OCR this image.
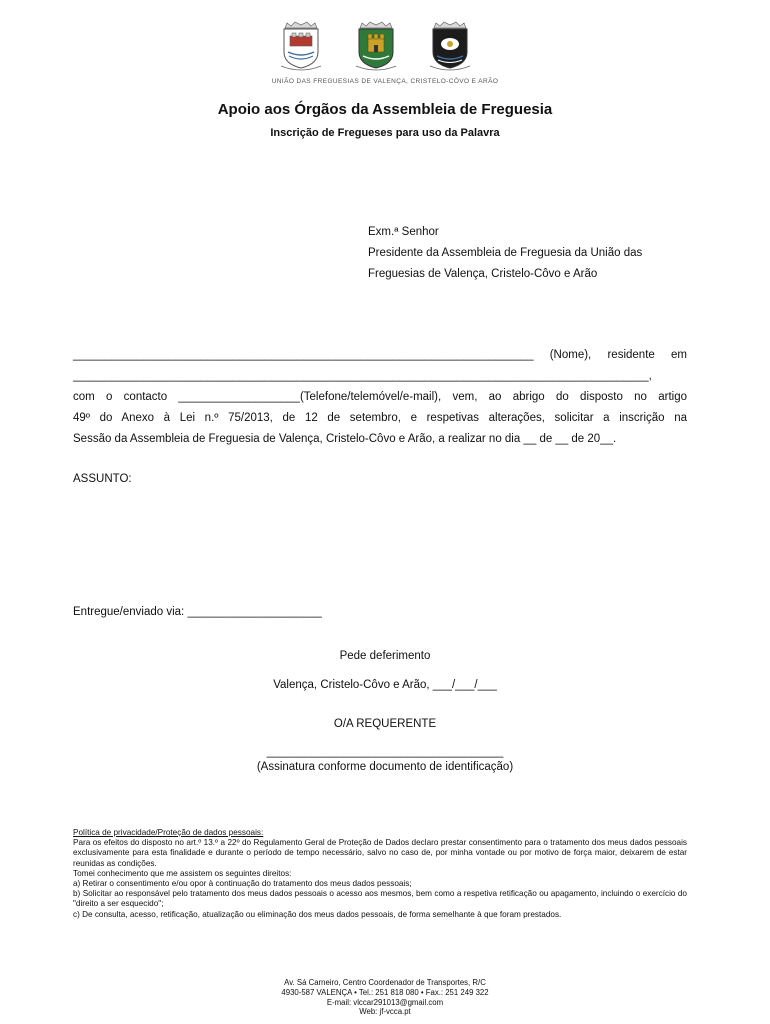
UNIÃO DAS FREGUESIAS DE VALENÇA, CRISTELO-CÔVO E ARÃO
Apoio aos Órgãos da Assembleia de Freguesia
Inscrição de Fregueses para uso da Palavra
Exm.ª Senhor
Presidente da Assembleia de Freguesia da União das
Freguesias de Valença, Cristelo-Côvo e Arão
________________________________________________________________________ (Nome), residente em
__________________________________________________________________________________________,
com o contacto ___________________(Telefone/telemóvel/e-mail), vem, ao abrigo do disposto no artigo
49º do Anexo à Lei n.º 75/2013, de 12 de setembro, e respetivas alterações, solicitar a inscrição na
Sessão da Assembleia de Freguesia de Valença, Cristelo-Côvo e Arão, a realizar no dia __ de __ de 20__.
ASSUNTO:
Entregue/enviado via: _____________________
Pede deferimento
Valença, Cristelo-Côvo e Arão, ___/___/___
O/A REQUERENTE
_____________________________________
(Assinatura conforme documento de identificação)

Política de privacidade/Proteção de dados pessoais:

Para os efeitos do disposto no art.º 13.º a 22º do Regulamento Geral de Proteção de Dados declaro prestar consentimento para o tratamento dos meus dados pessoais exclusivamente para esta finalidade e durante o período de tempo necessário, salvo no caso de, por minha vontade ou por motivo de força maior, deixarem de estar reunidas as condições.

Tomei conhecimento que me assistem os seguintes direitos:

a) Retirar o consentimento e/ou opor à continuação do tratamento dos meus dados pessoais;

b) Solicitar ao responsável pelo tratamento dos meus dados pessoais o acesso aos mesmos, bem como a respetiva retificação ou apagamento, incluindo o exercício do "direito a ser esquecido";

c) De consulta, acesso, retificação, atualização ou eliminação dos meus dados pessoais, de forma semelhante à que foram prestados.

Av. Sá Carneiro, Centro Coordenador de Transportes, R/C
4930-587 VALENÇA • Tel.: 251 818 080 • Fax.: 251 249 322
E-mail: vlccar291013@gmail.com
Web: jf-vcca.pt
